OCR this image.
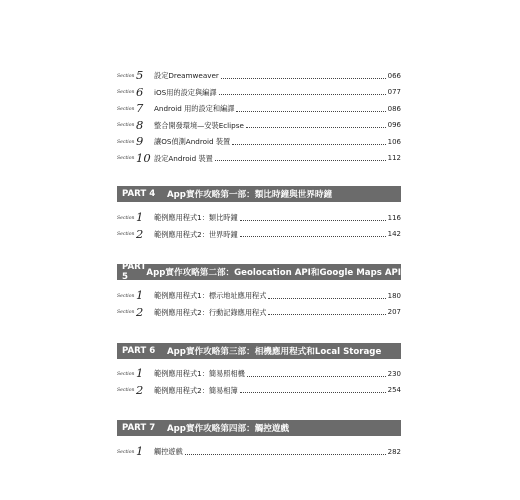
Section 5	設定Dreamweaver	066
Section 6	iOS用的設定與編譯	077
Section 7	Android 用的設定和編譯	086
Section 8	整合開發環境—安裝Eclipse	096
Section 9	讓OS偵測Android 裝置	106
Section 10 設定Android 裝置	112
PART 4	App實作攻略第一部：類比時鐘與世界時鐘
Section 1	範例應用程式1：類比時鐘	116
Section 2	範例應用程式2：世界時鐘	142
PART 5	App實作攻略第二部：Geolocation API和Google Maps API
Section 1	範例應用程式1：標示地址應用程式	180
Section 2	範例應用程式2：行動記錄應用程式	207
PART 6	App實作攻略第三部：相機應用程式和Local Storage
Section 1	範例應用程式1：簡易照相機	230
Section 2	範例應用程式2：簡易相簿	254
PART 7	App實作攻略第四部：觸控遊戲
Section 1	觸控遊戲	282
